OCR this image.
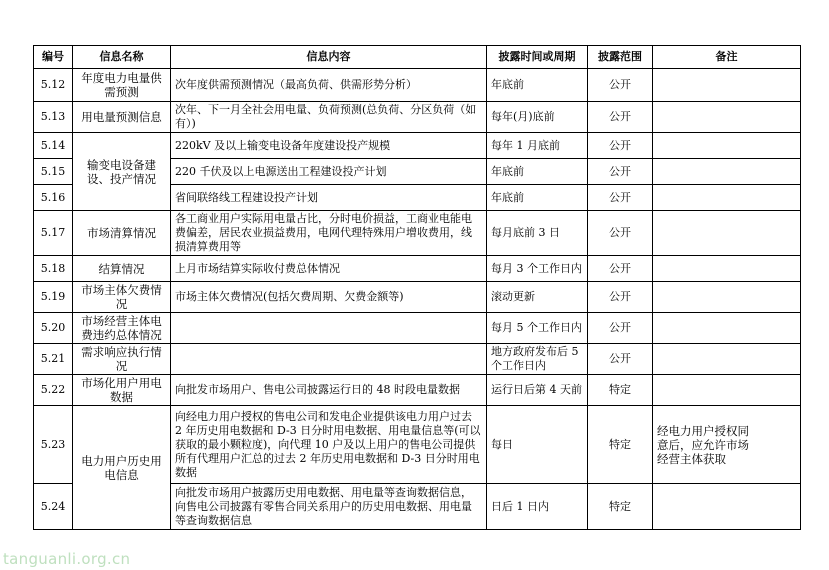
编号	信息名称	信息内容	披露时间或周期	披露范围	备注
5.12	年度电力电量供需预测	次年度供需预测情况（最高负荷、供需形势分析）	年底前	公开	
5.13	用电量预测信息	次年、下一月全社会用电量、负荷预测(总负荷、分区负荷（如有）)	每年(月)底前	公开	
5.14	输变电设备建设、投产情况	220kV 及以上输变电设备年度建设投产规模	每年 1 月底前	公开	
5.15		220 千伏及以上电源送出工程建设投产计划	年底前	公开	
5.16		省间联络线工程建设投产计划	年底前	公开	
5.17	市场清算情况	各工商业用户实际用电量占比，分时电价损益，工商业电能电费偏差，居民农业损益费用，电网代理特殊用户增收费用，线损清算费用等	每月底前 3 日	公开	
5.18	结算情况	上月市场结算实际收付费总体情况	每月 3 个工作日内	公开	
5.19	市场主体欠费情况	市场主体欠费情况(包括欠费周期、欠费金额等)	滚动更新	公开	
5.20	市场经营主体电费违约总体情况		每月 5 个工作日内	公开	
5.21	需求响应执行情况		地方政府发布后 5 个工作日内	公开	
5.22	市场化用户用电数据	向批发市场用户、售电公司披露运行日的 48 时段电量数据	运行日后第 4 天前	特定	
5.23	电力用户历史用电信息	向经电力用户授权的售电公司和发电企业提供该电力用户过去 2 年历史用电数据和 D-3 日分时用电数据、用电量信息等(可以获取的最小颗粒度)，向代理 10 户及以上用户的售电公司提供所有代理用户汇总的过去 2 年历史用电数据和 D-3 日分时用电数据	每日	特定	经电力用户授权同意后，应允许市场经营主体获取

5.24		向批发市场用户披露历史用电数据、用电量等查询数据信息，向售电公司披露有零售合同关系用户的历史用电数据、用电量等查询数据信息	日后 1 日内	特定	
tanguanli.org.cn
